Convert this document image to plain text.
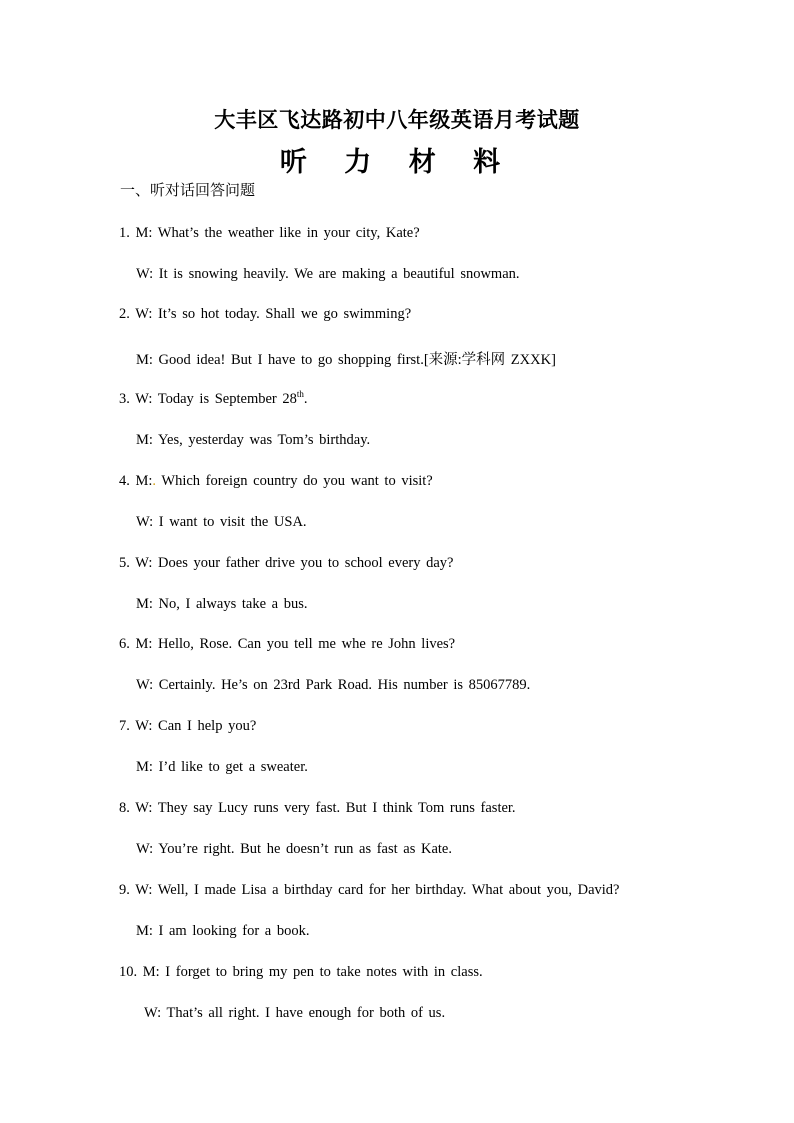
大丰区飞达路初中八年级英语月考试题
听 力 材 料
一、听对话回答问题
1. M: What’s the weather like in your city, Kate?
W: It is snowing heavily. We are making a beautiful snowman.
2. W: It’s so hot today. Shall we go swimming?
M: Good idea! But I have to go shopping first.[来源:学科网 ZXXK]
3. W: Today is September 28th.
M: Yes, yesterday was Tom’s birthday.
4. M:. Which foreign country do you want to visit?
W: I want to visit the USA.
5. W: Does your father drive you to school every day?
M: No, I always take a bus.
6. M: Hello, Rose. Can you tell me whe re John lives?
W: Certainly. He’s on 23rd Park Road. His number is 85067789.
7. W: Can I help you?
M: I’d like to get a sweater.
8. W: They say Lucy runs very fast. But I think Tom runs faster.
W: You’re right. But he doesn’t run as fast as Kate.
9. W: Well, I made Lisa a birthday card for her birthday. What about you, David?
M: I am looking for a book.
10. M: I forget to bring my pen to take notes with in class.
W: That’s all right. I have enough for both of us.
